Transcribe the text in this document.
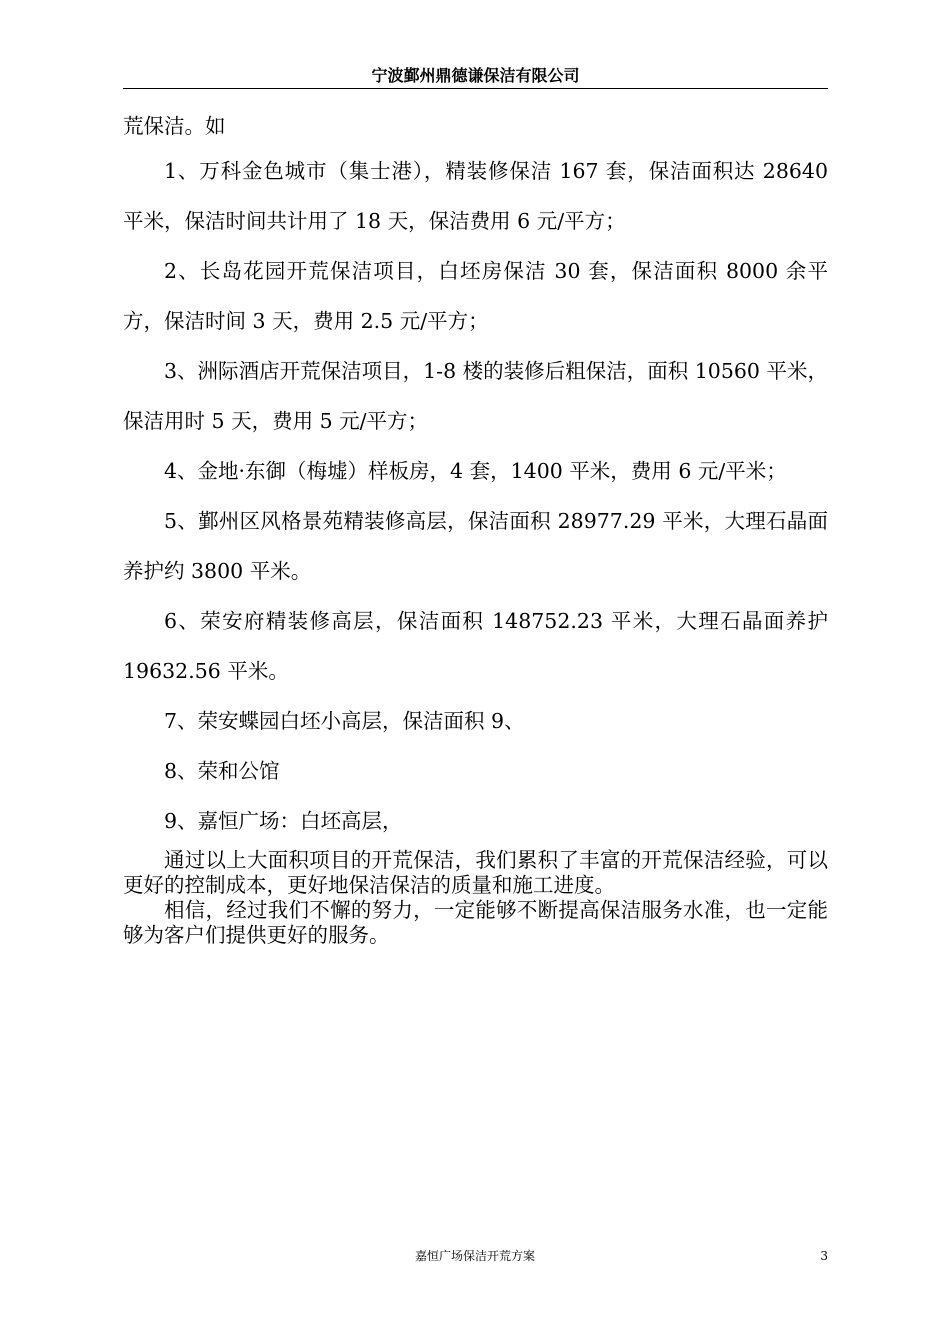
宁波鄞州鼎德谦保洁有限公司

荒保洁。如

1、万科金色城市（集士港），精装修保洁 167 套，保洁面积达 28640 平米，保洁时间共计用了 18 天，保洁费用 6 元/平方；

2、长岛花园开荒保洁项目，白坯房保洁 30 套，保洁面积 8000 余平方，保洁时间 3 天，费用 2.5 元/平方；

3、洲际酒店开荒保洁项目，1-8 楼的装修后粗保洁，面积 10560 平米，保洁用时 5 天，费用 5 元/平方；

4、金地·东御（梅墟）样板房，4 套，1400 平米，费用 6 元/平米；

5、鄞州区风格景苑精装修高层，保洁面积 28977.29 平米，大理石晶面养护约 3800 平米。

6、荣安府精装修高层，保洁面积 148752.23 平米，大理石晶面养护 19632.56 平米。

7、荣安蝶园白坯小高层，保洁面积 9、

8、荣和公馆

9、嘉恒广场：白坯高层，

通过以上大面积项目的开荒保洁，我们累积了丰富的开荒保洁经验，可以更好的控制成本，更好地保洁保洁的质量和施工进度。

相信，经过我们不懈的努力，一定能够不断提高保洁服务水准，也一定能够为客户们提供更好的服务。

嘉恒广场保洁开荒方案	3
